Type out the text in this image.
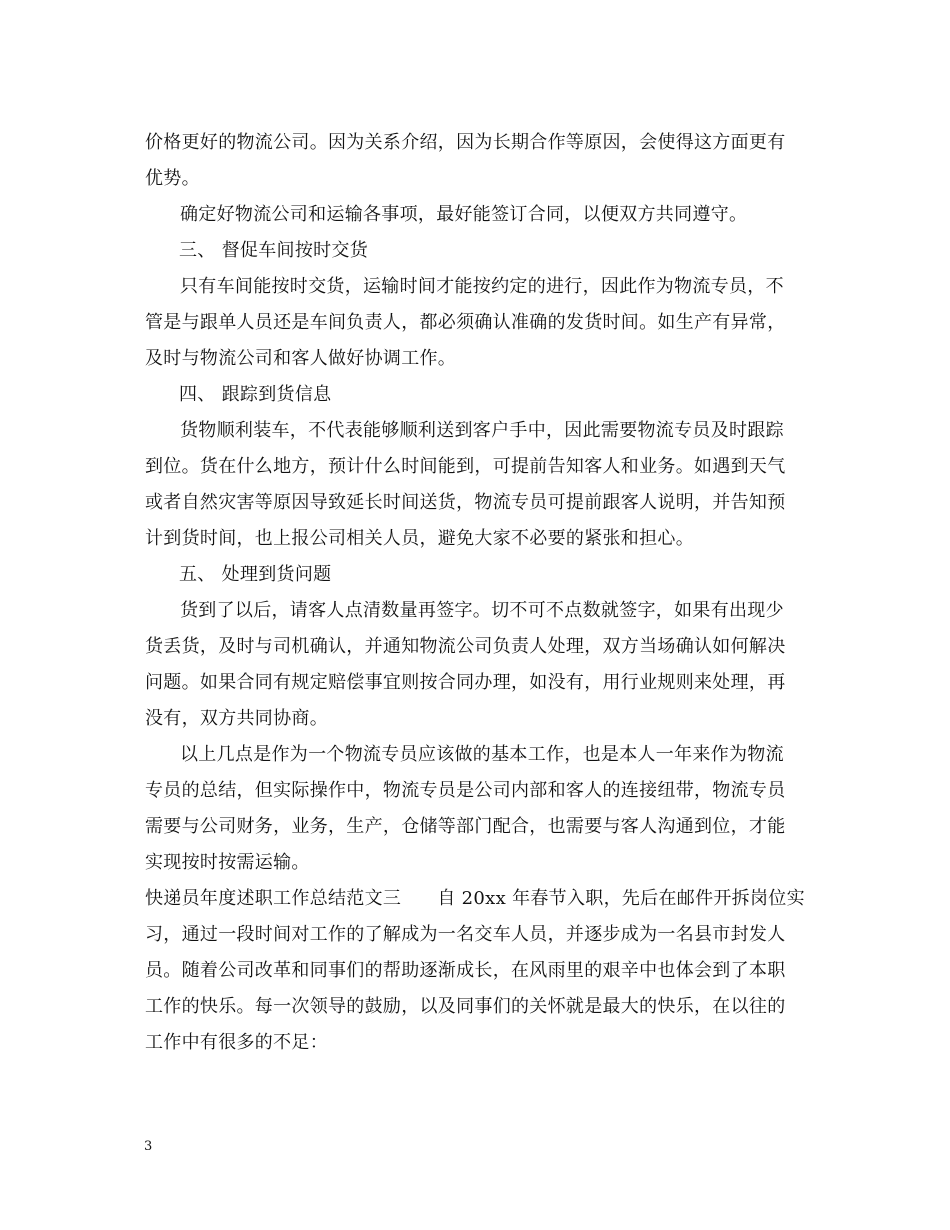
价格更好的物流公司。因为关系介绍，因为长期合作等原因，会使得这方面更有
优势。
确定好物流公司和运输各事项，最好能签订合同，以便双方共同遵守。
三、 督促车间按时交货
只有车间能按时交货，运输时间才能按约定的进行，因此作为物流专员，不
管是与跟单人员还是车间负责人，都必须确认准确的发货时间。如生产有异常，
及时与物流公司和客人做好协调工作。
四、 跟踪到货信息
货物顺利装车，不代表能够顺利送到客户手中，因此需要物流专员及时跟踪
到位。货在什么地方，预计什么时间能到，可提前告知客人和业务。如遇到天气
或者自然灾害等原因导致延长时间送货，物流专员可提前跟客人说明，并告知预
计到货时间，也上报公司相关人员，避免大家不必要的紧张和担心。
五、 处理到货问题
货到了以后，请客人点清数量再签字。切不可不点数就签字，如果有出现少
货丢货，及时与司机确认，并通知物流公司负责人处理，双方当场确认如何解决
问题。如果合同有规定赔偿事宜则按合同办理，如没有，用行业规则来处理，再
没有，双方共同协商。
以上几点是作为一个物流专员应该做的基本工作，也是本人一年来作为物流
专员的总结，但实际操作中，物流专员是公司内部和客人的连接纽带，物流专员
需要与公司财务，业务，生产，仓储等部门配合，也需要与客人沟通到位，才能
实现按时按需运输。
快递员年度述职工作总结范文三      自 20xx 年春节入职，先后在邮件开拆岗位实
习，通过一段时间对工作的了解成为一名交车人员，并逐步成为一名县市封发人
员。随着公司改革和同事们的帮助逐渐成长，在风雨里的艰辛中也体会到了本职
工作的快乐。每一次领导的鼓励，以及同事们的关怀就是最大的快乐，在以往的
工作中有很多的不足：
3
